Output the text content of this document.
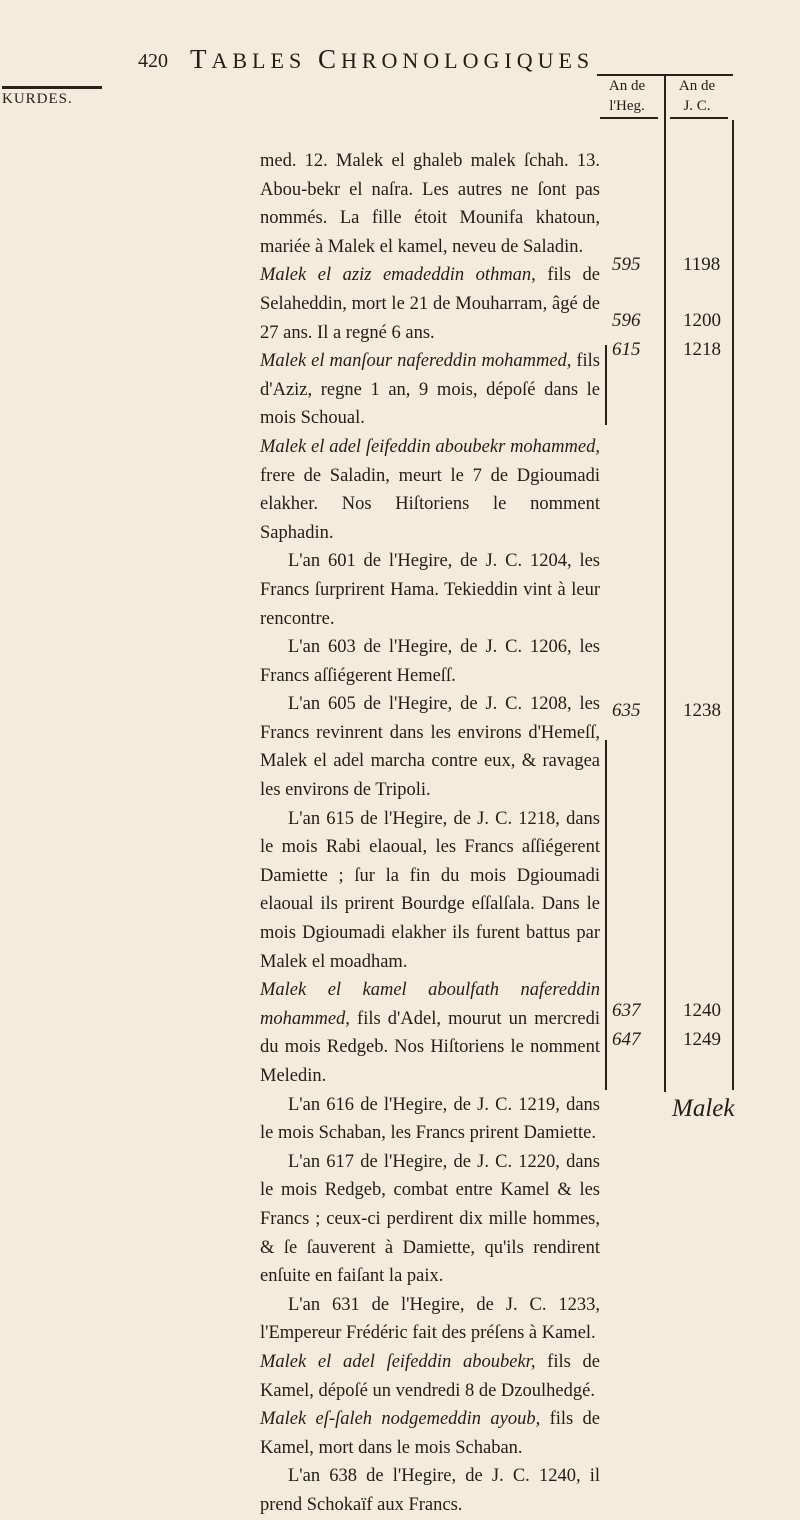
420 TABLES CHRONOLOGIQUES
KURDES.
An de
l'Heg.
An de
J. C.

med. 12. Malek el ghaleb malek ſchah. 13. Abou-bekr el naſra. Les autres ne ſont pas nommés. La fille étoit Mounifa khatoun, mariée à Malek el kamel, neveu de Saladin.

Malek el aziz emadeddin othman, fils de Selaheddin, mort le 21 de Mouharram, âgé de 27 ans. Il a regné 6 ans.

Malek el manſour nafereddin mohammed, fils d'Aziz, regne 1 an, 9 mois, dépoſé dans le mois Schoual.

Malek el adel ſeifeddin aboubekr mohammed, frere de Saladin, meurt le 7 de Dgioumadi elakher. Nos Hiſtoriens le nomment Saphadin.

L'an 601 de l'Hegire, de J. C. 1204, les Francs ſurprirent Hama. Tekieddin vint à leur rencontre.

L'an 603 de l'Hegire, de J. C. 1206, les Francs aſſiégerent Hemeſſ.

L'an 605 de l'Hegire, de J. C. 1208, les Francs revinrent dans les environs d'Hemeſſ, Malek el adel marcha contre eux, & ravagea les environs de Tripoli.

L'an 615 de l'Hegire, de J. C. 1218, dans le mois Rabi elaoual, les Francs aſſiégerent Damiette ; ſur la fin du mois Dgioumadi elaoual ils prirent Bourdge eſſalſala. Dans le mois Dgioumadi elakher ils furent battus par Malek el moadham.

Malek el kamel aboulfath nafereddin mohammed, fils d'Adel, mourut un mercredi du mois Redgeb. Nos Hiſtoriens le nomment Meledin.

L'an 616 de l'Hegire, de J. C. 1219, dans le mois Schaban, les Francs prirent Damiette.

L'an 617 de l'Hegire, de J. C. 1220, dans le mois Redgeb, combat entre Kamel & les Francs ; ceux-ci perdirent dix mille hommes, & ſe ſauverent à Damiette, qu'ils rendirent enſuite en faiſant la paix.

L'an 631 de l'Hegire, de J. C. 1233, l'Empereur Frédéric fait des préſens à Kamel.

Malek el adel ſeifeddin aboubekr, fils de Kamel, dépoſé un vendredi 8 de Dzoulhedgé.

Malek eſ-ſaleh nodgemeddin ayoub, fils de Kamel, mort dans le mois Schaban.

L'an 638 de l'Hegire, de J. C. 1240, il prend Schokaïf aux Francs.

595 1198
596 1200
615 1218
635 1238
637 1240
647 1249
Malek
